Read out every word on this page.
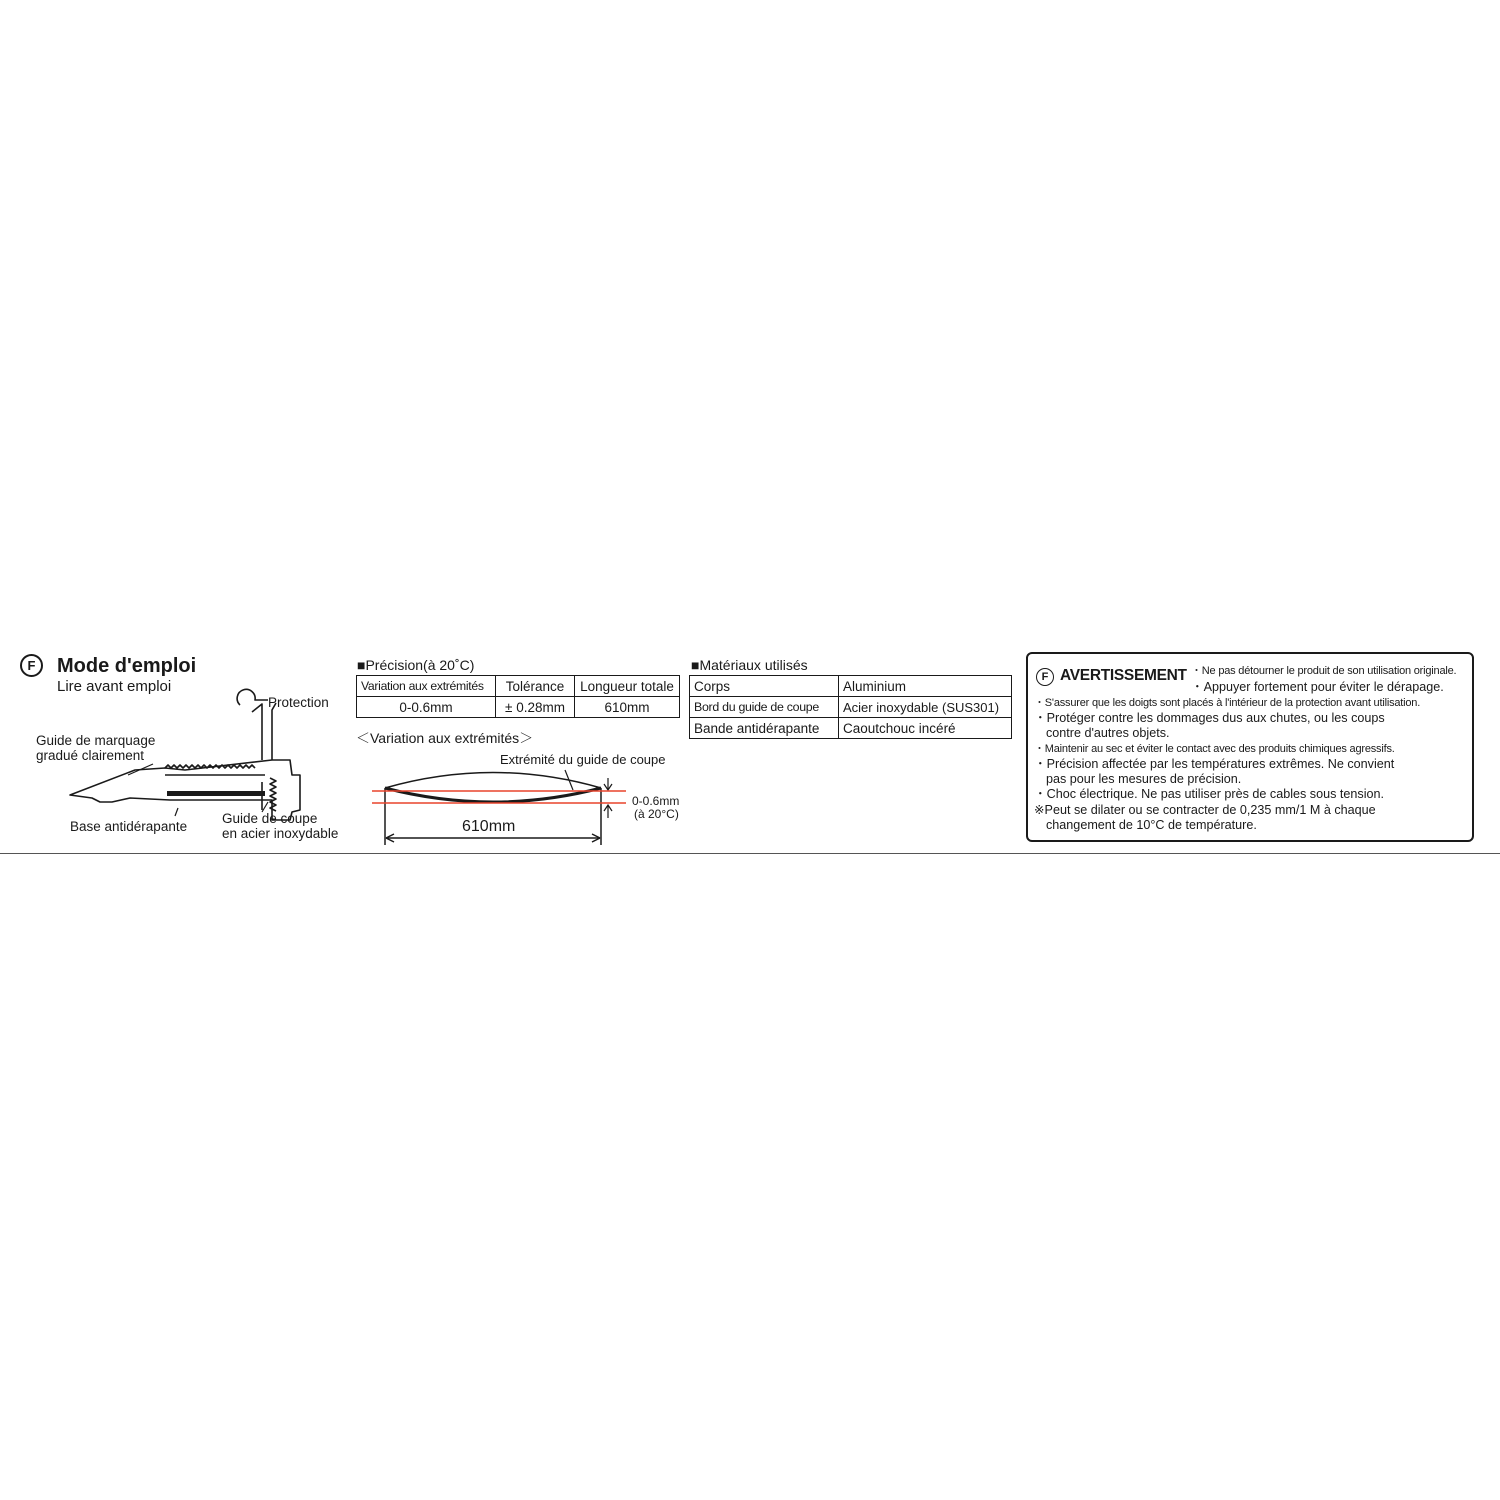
F	Mode d'emploi
Lire avant emploi
Protection
Guide de marquage
gradué clairement
Base antidérapante
Guide de coupe
en acier inoxydable
■Précision(à 20˚C)
Variation aux extrémités	Tolérance	Longueur totale
0-0.6mm	± 0.28mm	610mm
＜Variation aux extrémités＞
Extrémité du guide de coupe
0-0.6mm
(à 20°C)
610mm
■Matériaux utilisés
Corps	Aluminium
Bord du guide de coupe	Acier inoxydable (SUS301)
Bande antidérapante	Caoutchouc incéré
F AVERTISSEMENT ・Ne pas détourner le produit de son utilisation originale.
・Appuyer fortement pour éviter le dérapage.
・S'assurer que les doigts sont placés à l'intérieur de la protection avant utilisation.
・Protéger contre les dommages dus aux chutes, ou les coups
contre d'autres objets.
・Maintenir au sec et éviter le contact avec des produits chimiques agressifs.
・Précision affectée par les températures extrêmes. Ne convient
pas pour les mesures de précision.
・Choc électrique. Ne pas utiliser près de cables sous tension.
※Peut se dilater ou se contracter de 0,235 mm/1 M à chaque
changement de 10°C de température.
